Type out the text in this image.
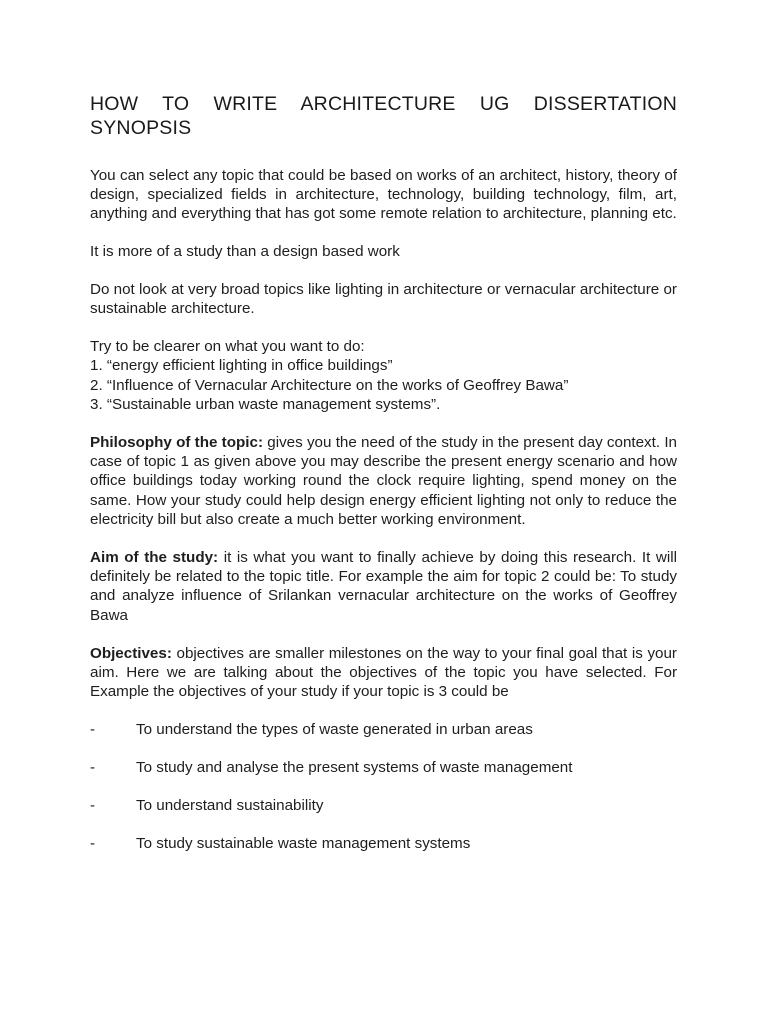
HOW TO WRITE ARCHITECTURE UG DISSERTATION SYNOPSIS

You can select any topic that could be based on works of an architect, history, theory of design, specialized fields in architecture, technology, building technology, film, art, anything and everything that has got some remote relation to architecture, planning etc.

It is more of a study than a design based work

Do not look at very broad topics like lighting in architecture or vernacular architecture or sustainable architecture.

Try to be clearer on what you want to do:
1. “energy efficient lighting in office buildings”
2. “Influence of Vernacular Architecture on the works of Geoffrey Bawa”
3. “Sustainable urban waste management systems”.

Philosophy of the topic: gives you the need of the study in the present day context. In case of topic 1 as given above you may describe the present energy scenario and how office buildings today working round the clock require lighting, spend money on the same. How your study could help design energy efficient lighting not only to reduce the electricity bill but also create a much better working environment.

Aim of the study: it is what you want to finally achieve by doing this research. It will definitely be related to the topic title. For example the aim for topic 2 could be: To study and analyze influence of Srilankan vernacular architecture on the works of Geoffrey Bawa

Objectives: objectives are smaller milestones on the way to your final goal that is your aim. Here we are talking about the objectives of the topic you have selected. For Example the objectives of your study if your topic is 3 could be

-	To understand the types of waste generated in urban areas
-	To study and analyse the present systems of waste management
-	To understand sustainability
-	To study sustainable waste management systems
